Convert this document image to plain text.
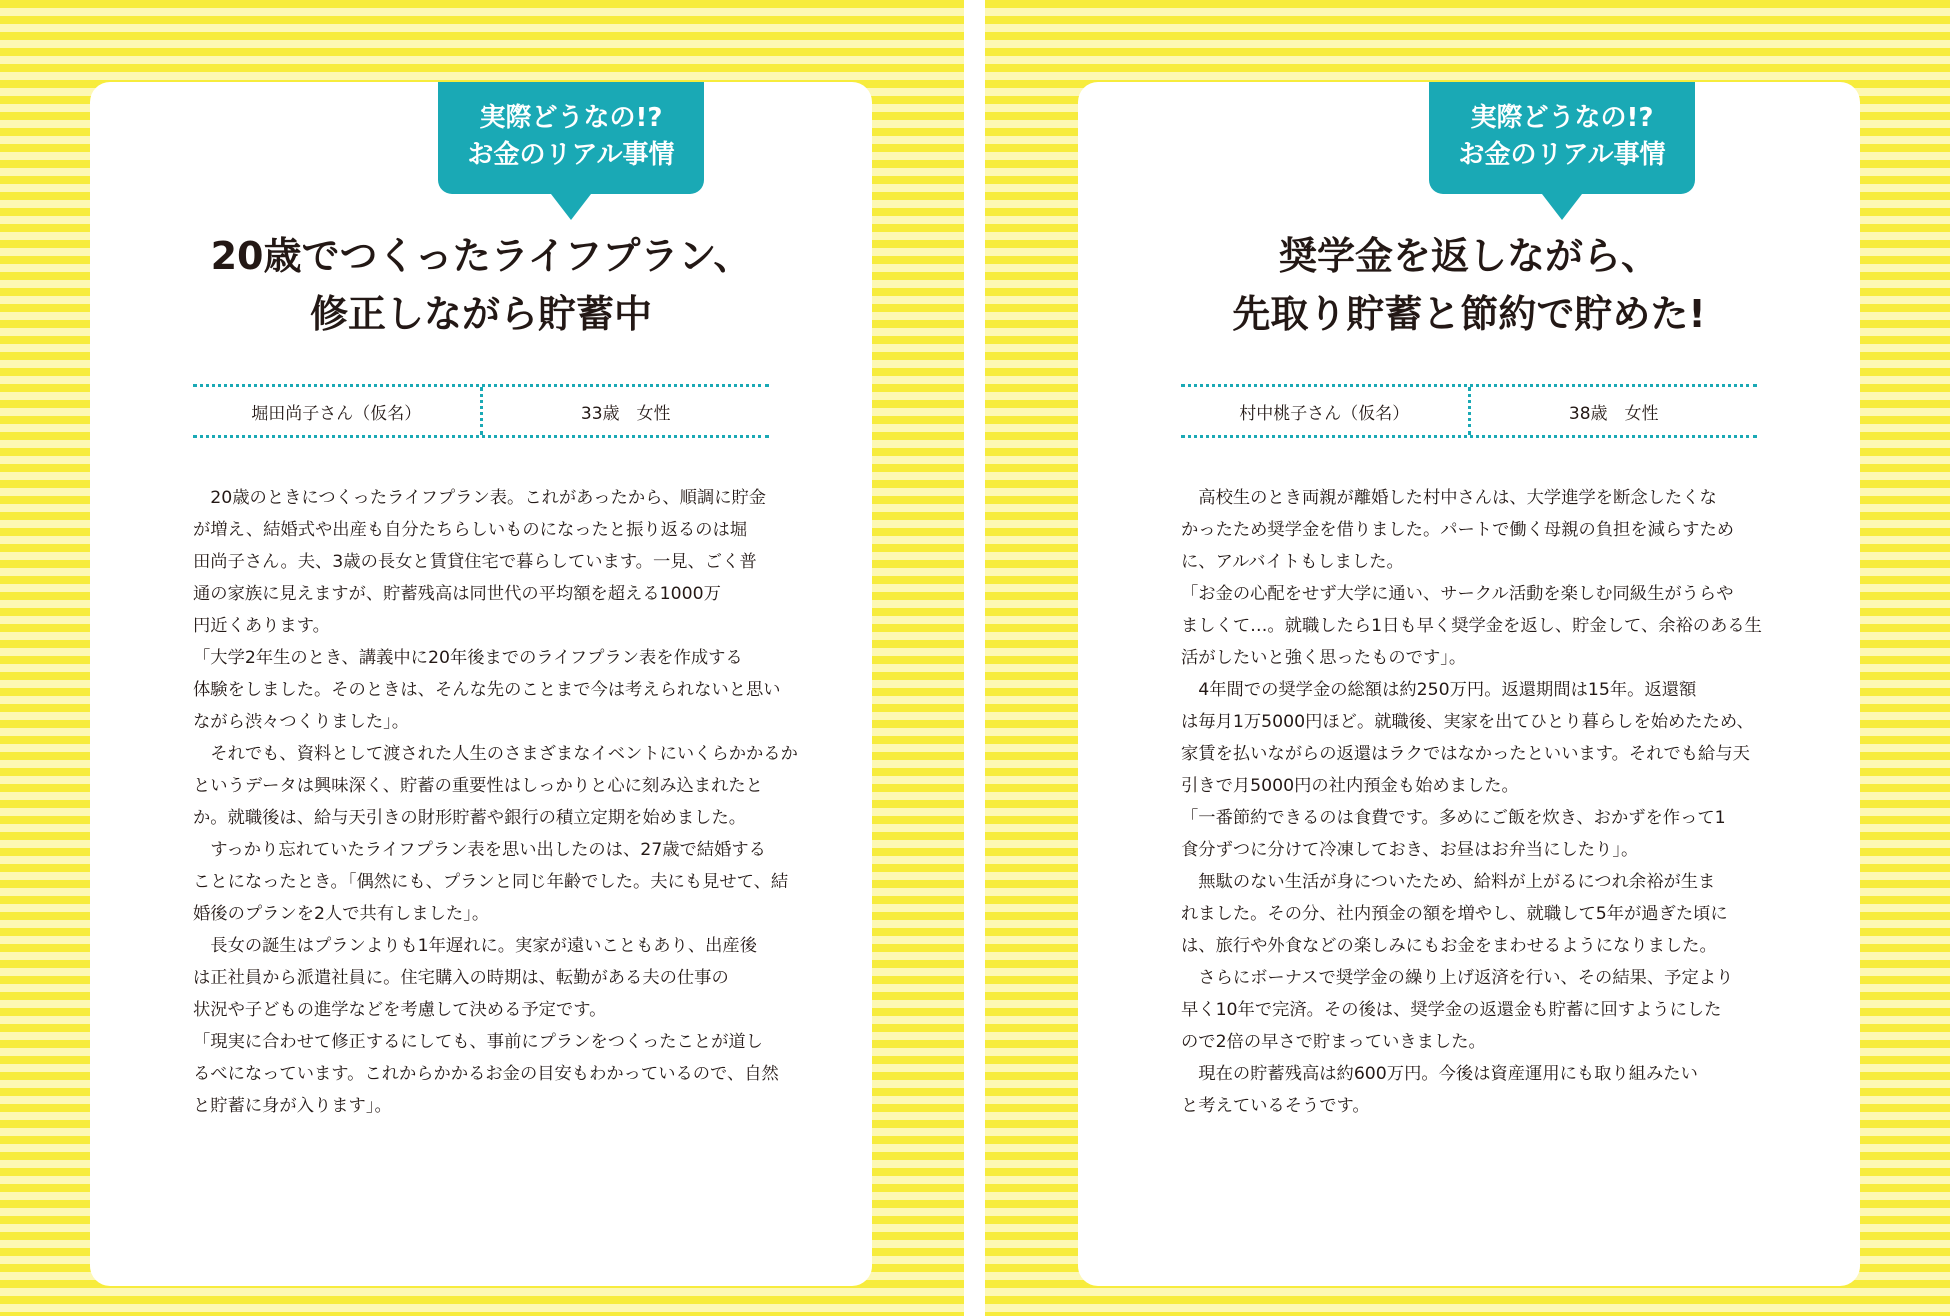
実際どうなの!?
お金のリアル事情
20歳でつくったライフプラン、
修正しながら貯蓄中
堀田尚子さん（仮名）	33歳　女性
　20歳のときにつくったライフプラン表。これがあったから、順調に貯金
が増え、結婚式や出産も自分たちらしいものになったと振り返るのは堀
田尚子さん。夫、3歳の長女と賃貸住宅で暮らしています。一見、ごく普
通の家族に見えますが、貯蓄残高は同世代の平均額を超える1000万
円近くあります。
「大学2年生のとき、講義中に20年後までのライフプラン表を作成する
体験をしました。そのときは、そんな先のことまで今は考えられないと思い
ながら渋々つくりました」。
　それでも、資料として渡された人生のさまざまなイベントにいくらかかるか
というデータは興味深く、貯蓄の重要性はしっかりと心に刻み込まれたと
か。就職後は、給与天引きの財形貯蓄や銀行の積立定期を始めました。
　すっかり忘れていたライフプラン表を思い出したのは、27歳で結婚する
ことになったとき。「偶然にも、プランと同じ年齢でした。夫にも見せて、結
婚後のプランを2人で共有しました」。
　長女の誕生はプランよりも1年遅れに。実家が遠いこともあり、出産後
は正社員から派遣社員に。住宅購入の時期は、転勤がある夫の仕事の
状況や子どもの進学などを考慮して決める予定です。
「現実に合わせて修正するにしても、事前にプランをつくったことが道し
るべになっています。これからかかるお金の目安もわかっているので、自然
と貯蓄に身が入ります」。
実際どうなの!?
お金のリアル事情
奨学金を返しながら、
先取り貯蓄と節約で貯めた!
村中桃子さん（仮名）	38歳　女性
　高校生のとき両親が離婚した村中さんは、大学進学を断念したくな
かったため奨学金を借りました。パートで働く母親の負担を減らすため
に、アルバイトもしました。
「お金の心配をせず大学に通い、サークル活動を楽しむ同級生がうらや
ましくて…。就職したら1日も早く奨学金を返し、貯金して、余裕のある生
活がしたいと強く思ったものです」。
　4年間での奨学金の総額は約250万円。返還期間は15年。返還額
は毎月1万5000円ほど。就職後、実家を出てひとり暮らしを始めたため、
家賃を払いながらの返還はラクではなかったといいます。それでも給与天
引きで月5000円の社内預金も始めました。
「一番節約できるのは食費です。多めにご飯を炊き、おかずを作って1
食分ずつに分けて冷凍しておき、お昼はお弁当にしたり」。
　無駄のない生活が身についたため、給料が上がるにつれ余裕が生ま
れました。その分、社内預金の額を増やし、就職して5年が過ぎた頃に
は、旅行や外食などの楽しみにもお金をまわせるようになりました。
　さらにボーナスで奨学金の繰り上げ返済を行い、その結果、予定より
早く10年で完済。その後は、奨学金の返還金も貯蓄に回すようにした
ので2倍の早さで貯まっていきました。
　現在の貯蓄残高は約600万円。今後は資産運用にも取り組みたい
と考えているそうです。
